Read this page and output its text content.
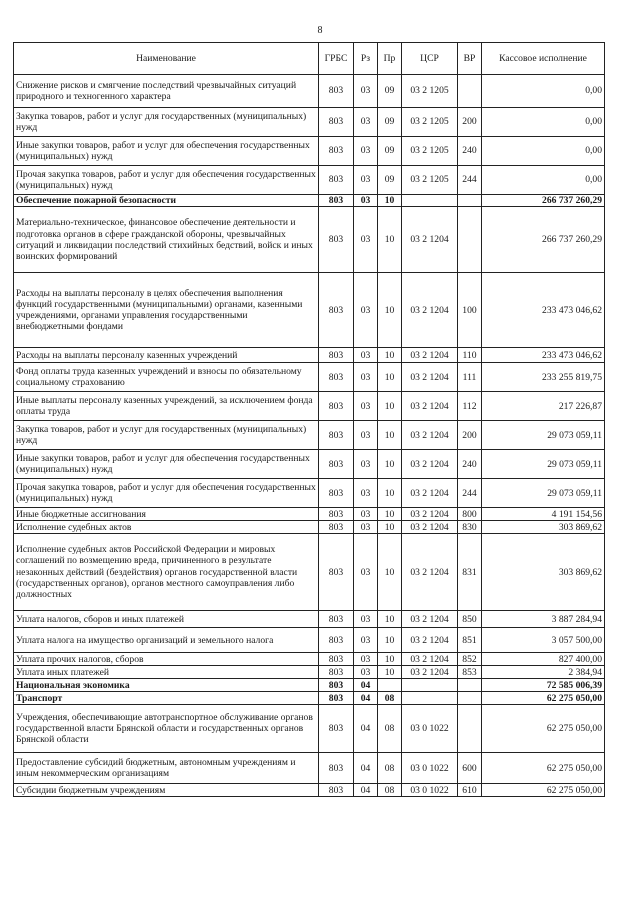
8
Наименование	ГРБС	Рз	Пр	ЦСР	ВР	Кассовое исполнение
Снижение рисков и смягчение последствий чрезвычайных ситуаций природного и техногенного характера	803	03	09	03 2 1205		0,00
Закупка товаров, работ и услуг для государственных (муниципальных) нужд	803	03	09	03 2 1205	200	0,00
Иные закупки товаров, работ и услуг для обеспечения государственных (муниципальных) нужд	803	03	09	03 2 1205	240	0,00
Прочая закупка товаров, работ и услуг для обеспечения государственных (муниципальных) нужд	803	03	09	03 2 1205	244	0,00
Обеспечение пожарной безопасности	803	03	10			266 737 260,29
Материально-техническое, финансовое обеспечение деятельности и подготовка органов в сфере гражданской обороны, чрезвычайных ситуаций и ликвидации последствий стихийных бедствий, войск и иных воинских формирований	803	03	10	03 2 1204		266 737 260,29
Расходы на выплаты персоналу в целях обеспечения выполнения функций государственными (муниципальными) органами, казенными учреждениями, органами управления государственными внебюджетными фондами	803	03	10	03 2 1204	100	233 473 046,62
Расходы на выплаты персоналу казенных учреждений	803	03	10	03 2 1204	110	233 473 046,62
Фонд оплаты труда казенных учреждений и взносы по обязательному социальному страхованию	803	03	10	03 2 1204	111	233 255 819,75
Иные выплаты персоналу казенных учреждений, за исключением фонда оплаты труда	803	03	10	03 2 1204	112	217 226,87
Закупка товаров, работ и услуг для государственных (муниципальных) нужд	803	03	10	03 2 1204	200	29 073 059,11
Иные закупки товаров, работ и услуг для обеспечения государственных (муниципальных) нужд	803	03	10	03 2 1204	240	29 073 059,11
Прочая закупка товаров, работ и услуг для обеспечения государственных (муниципальных) нужд	803	03	10	03 2 1204	244	29 073 059,11
Иные бюджетные ассигнования	803	03	10	03 2 1204	800	4 191 154,56
Исполнение судебных актов	803	03	10	03 2 1204	830	303 869,62
Исполнение судебных актов Российской Федерации и мировых соглашений по возмещению вреда, причиненного в результате незаконных действий (бездействия) органов государственной власти (государственных органов), органов местного самоуправления либо должностных	803	03	10	03 2 1204	831	303 869,62
Уплата налогов, сборов и иных платежей	803	03	10	03 2 1204	850	3 887 284,94
Уплата налога на имущество организаций и земельного налога	803	03	10	03 2 1204	851	3 057 500,00
Уплата прочих налогов, сборов	803	03	10	03 2 1204	852	827 400,00
Уплата иных платежей	803	03	10	03 2 1204	853	2 384,94
Национальная экономика	803	04				72 585 006,39
Транспорт	803	04	08			62 275 050,00
Учреждения, обеспечивающие автотранспортное обслуживание органов государственной власти Брянской области и государственных органов Брянской области	803	04	08	03 0 1022		62 275 050,00
Предоставление субсидий бюджетным, автономным учреждениям и иным некоммерческим организациям	803	04	08	03 0 1022	600	62 275 050,00
Субсидии бюджетным учреждениям	803	04	08	03 0 1022	610	62 275 050,00
